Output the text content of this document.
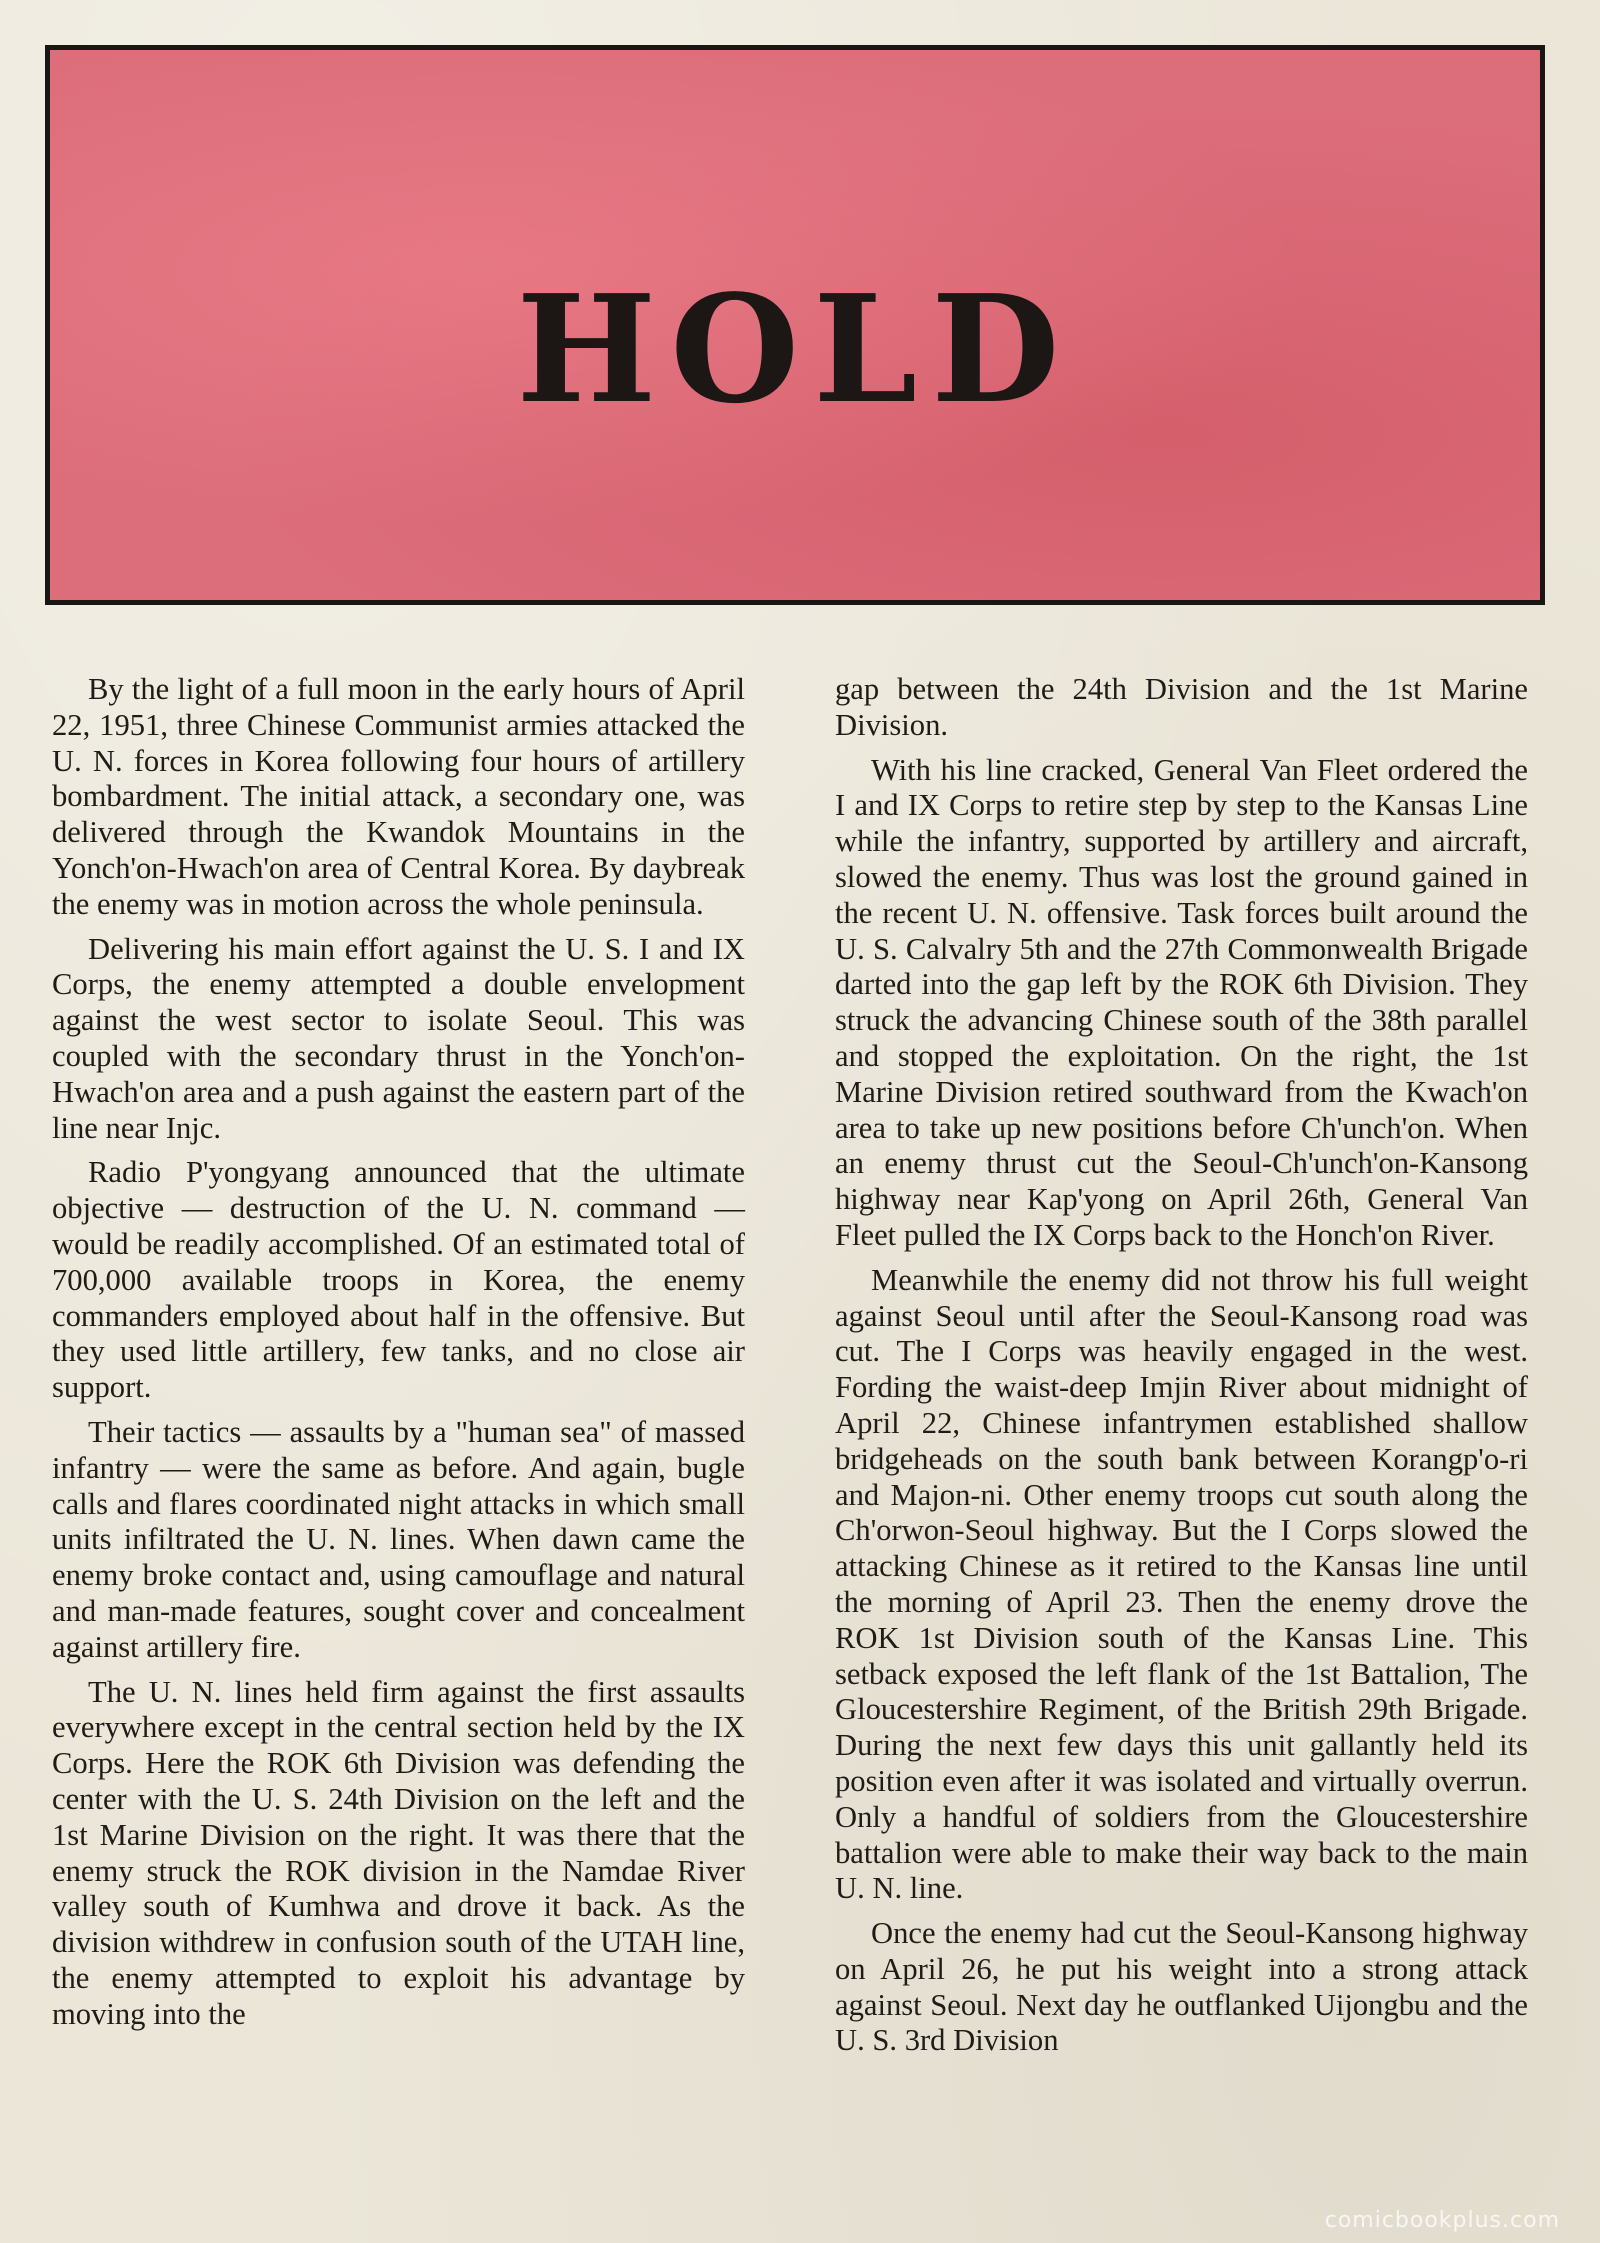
HOLD

By the light of a full moon in the early hours of April 22, 1951, three Chinese Communist armies attacked the U. N. forces in Korea following four hours of artillery bombardment. The initial attack, a secondary one, was delivered through the Kwandok Mountains in the Yonch'on-Hwach'on area of Central Korea. By daybreak the enemy was in motion across the whole peninsula.

Delivering his main effort against the U. S. I and IX Corps, the enemy attempted a double envelopment against the west sector to isolate Seoul. This was coupled with the secondary thrust in the Yonch'on-Hwach'on area and a push against the eastern part of the line near Injc.

Radio P'yongyang announced that the ultimate objective — destruction of the U. N. command — would be readily accomplished. Of an estimated total of 700,000 available troops in Korea, the enemy commanders employed about half in the offensive. But they used little artillery, few tanks, and no close air support.

Their tactics — assaults by a "human sea" of massed infantry — were the same as before. And again, bugle calls and flares coordinated night attacks in which small units infiltrated the U. N. lines. When dawn came the enemy broke contact and, using camouflage and natural and man-made features, sought cover and concealment against artillery fire.

The U. N. lines held firm against the first assaults everywhere except in the central section held by the IX Corps. Here the ROK 6th Division was defending the center with the U. S. 24th Division on the left and the 1st Marine Division on the right. It was there that the enemy struck the ROK division in the Namdae River valley south of Kumhwa and drove it back. As the division withdrew in confusion south of the UTAH line, the enemy attempted to exploit his advantage by moving into the

gap between the 24th Division and the 1st Marine Division.

With his line cracked, General Van Fleet ordered the I and IX Corps to retire step by step to the Kansas Line while the infantry, supported by artillery and aircraft, slowed the enemy. Thus was lost the ground gained in the recent U. N. offensive. Task forces built around the U. S. Calvalry 5th and the 27th Commonwealth Brigade darted into the gap left by the ROK 6th Division. They struck the advancing Chinese south of the 38th parallel and stopped the exploitation. On the right, the 1st Marine Division retired southward from the Kwach'on area to take up new positions before Ch'unch'on. When an enemy thrust cut the Seoul-Ch'unch'on-Kansong highway near Kap'yong on April 26th, General Van Fleet pulled the IX Corps back to the Honch'on River.

Meanwhile the enemy did not throw his full weight against Seoul until after the Seoul-Kansong road was cut. The I Corps was heavily engaged in the west. Fording the waist-deep Imjin River about midnight of April 22, Chinese infantrymen established shallow bridgeheads on the south bank between Korangp'o-ri and Majon-ni. Other enemy troops cut south along the Ch'orwon-Seoul highway. But the I Corps slowed the attacking Chinese as it retired to the Kansas line until the morning of April 23. Then the enemy drove the ROK 1st Division south of the Kansas Line. This setback exposed the left flank of the 1st Battalion, The Gloucestershire Regiment, of the British 29th Brigade. During the next few days this unit gallantly held its position even after it was isolated and virtually overrun. Only a handful of soldiers from the Gloucestershire battalion were able to make their way back to the main U. N. line.

Once the enemy had cut the Seoul-Kansong highway on April 26, he put his weight into a strong attack against Seoul. Next day he outflanked Uijongbu and the U. S. 3rd Division

comicbookplus.com
